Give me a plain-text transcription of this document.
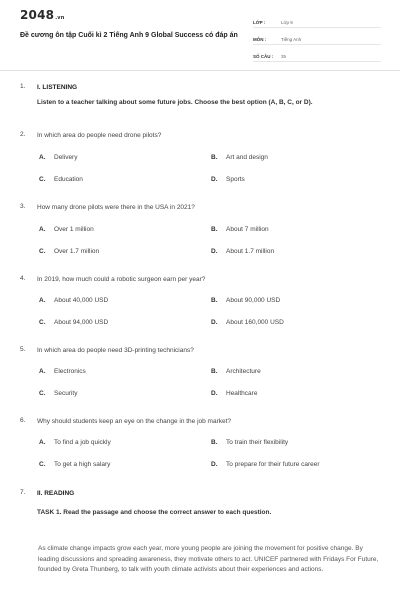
2048.vn
Đề cương ôn tập Cuối kì 2 Tiếng Anh 9 Global Success có đáp án
LỚP :	Lớp 9
MÔN :	Tiếng Anh
SỐ CÂU :	35
1.	I. LISTENING
Listen to a teacher talking about some future jobs. Choose the best option (A, B, C, or D).
2.	In which area do people need drone pilots?
A.	Delivery	B.	Art and design
C.	Education	D.	Sports
3.	How many drone pilots were there in the USA in 2021?
A.	Over 1 million	B.	About 7 million
C.	Over 1.7 million	D.	About 1.7 million
4.	In 2019, how much could a robotic surgeon earn per year?
A.	About 40,000 USD	B.	About 90,000 USD
C.	About 94,000 USD	D.	About 160,000 USD
5.	In which area do people need 3D-printing technicians?
A.	Electronics	B.	Architecture
C.	Security	D.	Healthcare
6.	Why should students keep an eye on the change in the job market?
A.	To find a job quickly	B.	To train their flexibility
C.	To get a high salary	D.	To prepare for their future career
7.	II. READING
TASK 1. Read the passage and choose the correct answer to each question.
As climate change impacts grow each year, more young people are joining the movement for positive change. By leading discussions and spreading awareness, they motivate others to act. UNICEF partnered with Fridays For Future, founded by Greta Thunberg, to talk with youth climate activists about their experiences and actions.
